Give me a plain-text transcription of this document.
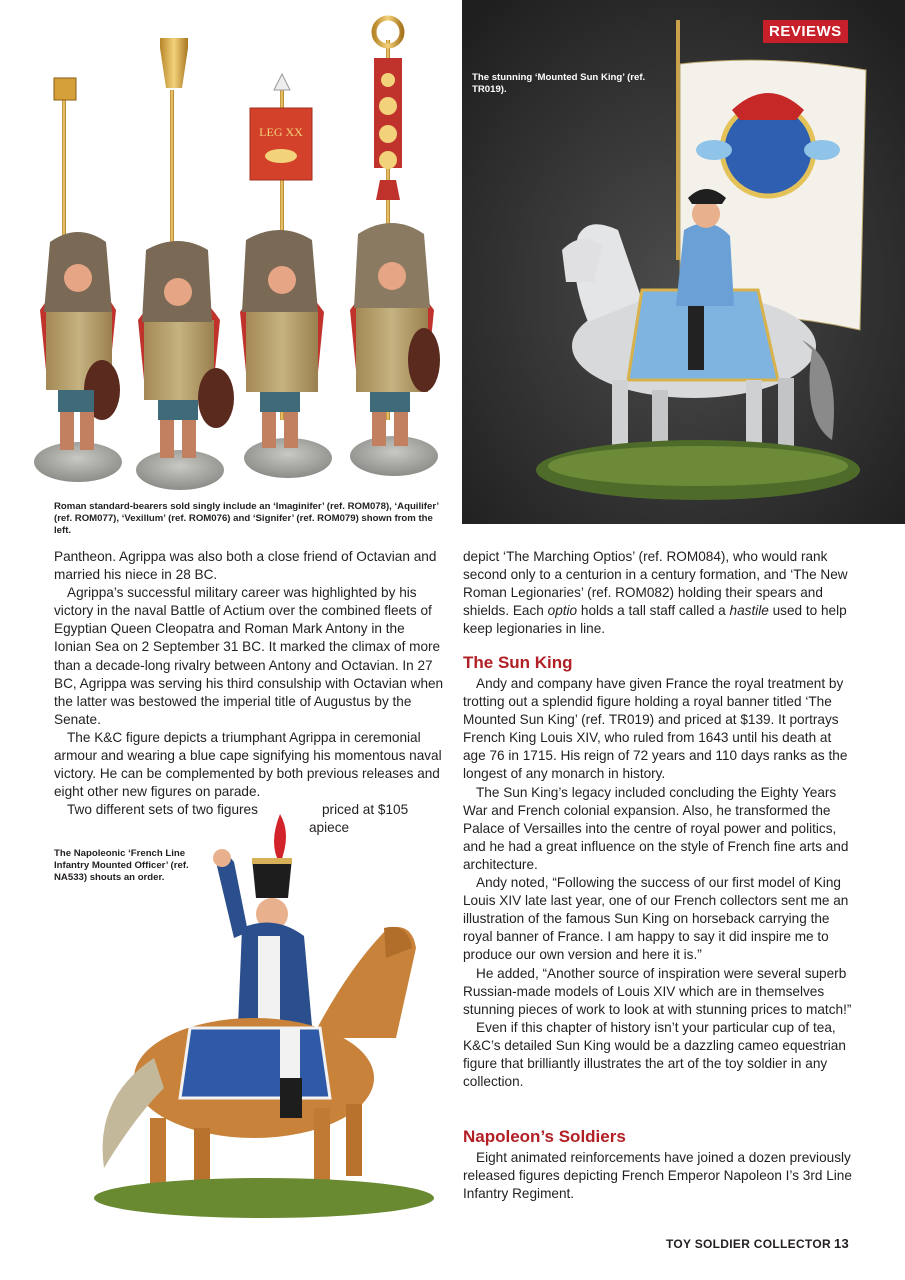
LEG XX
Roman standard-bearers sold singly include an ‘Imaginifer’ (ref. ROM078), ‘Aquilifer’ (ref. ROM077), ‘Vexillum’ (ref. ROM076) and ‘Signifer’ (ref. ROM079) shown from the left.
REVIEWS
The stunning ‘Mounted Sun King’ (ref. TR019).

Pantheon. Agrippa was also both a close friend of Octavian and married his niece in 28 BC.

Agrippa’s successful military career was highlighted by his victory in the naval Battle of Actium over the combined fleets of Egyptian Queen Cleopatra and Roman Mark Antony in the Ionian Sea on 2 September 31 BC. It marked the climax of more than a decade-long rivalry between Antony and Octavian. In 27 BC, Agrippa was serving his third consulship with Octavian when the latter was bestowed the imperial title of Augustus by the Senate.

The K&C figure depicts a triumphant Agrippa in ceremonial armour and wearing a blue cape signifying his momentous naval victory. He can be complemented by both previous releases and eight other new figures on parade.

Two different sets of two figures	priced at $105 apiece

The Napoleonic ‘French Line Infantry Mounted Officer’ (ref. NA533) shouts an order.

depict ‘The Marching Optios’ (ref. ROM084), who would rank second only to a centurion in a century formation, and ‘The New Roman Legionaries’ (ref. ROM082) holding their spears and shields. Each optio holds a tall staff called a hastile used to help keep legionaries in line.

The Sun King

Andy and company have given France the royal treatment by trotting out a splendid figure holding a royal banner titled ‘The Mounted Sun King’ (ref. TR019) and priced at $139. It portrays French King Louis XIV, who ruled from 1643 until his death at age 76 in 1715. His reign of 72 years and 110 days ranks as the longest of any monarch in history.

The Sun King’s legacy included concluding the Eighty Years War and French colonial expansion. Also, he transformed the Palace of Versailles into the centre of royal power and politics, and he had a great influence on the style of French fine arts and architecture.

Andy noted, “Following the success of our first model of King Louis XIV late last year, one of our French collectors sent me an illustration of the famous Sun King on horseback carrying the royal banner of France. I am happy to say it did inspire me to produce our own version and here it is.”

He added, “Another source of inspiration were several superb Russian-made models of Louis XIV which are in themselves stunning pieces of work to look at with stunning prices to match!”

Even if this chapter of history isn’t your particular cup of tea, K&C’s detailed Sun King would be a dazzling cameo equestrian figure that brilliantly illustrates the art of the toy soldier in any collection.

Napoleon’s Soldiers

Eight animated reinforcements have joined a dozen previously released figures depicting French Emperor Napoleon I’s 3rd Line Infantry Regiment.

TOY SOLDIER COLLECTOR 13
